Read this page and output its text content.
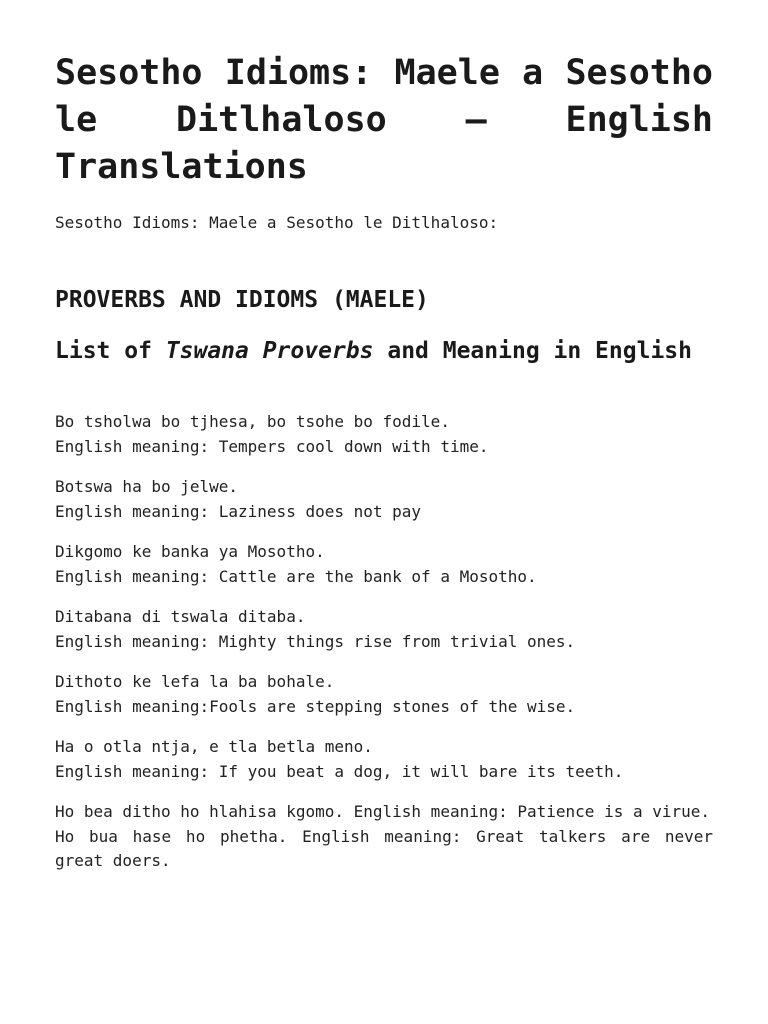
Sesotho Idioms: Maele a Sesotho le Ditlhaloso – English Translations

Sesotho Idioms: Maele a Sesotho le Ditlhaloso:

PROVERBS AND IDIOMS (MAELE)
List of Tswana Proverbs and Meaning in English

Bo tsholwa bo tjhesa, bo tsohe bo fodile.
English meaning: Tempers cool down with time.

Botswa ha bo jelwe.
English meaning: Laziness does not pay

Dikgomo ke banka ya Mosotho.
English meaning: Cattle are the bank of a Mosotho.

Ditabana di tswala ditaba.
English meaning: Mighty things rise from trivial ones.

Dithoto ke lefa la ba bohale.
English meaning:Fools are stepping stones of the wise.

Ha o otla ntja, e tla betla meno.
English meaning: If you beat a dog, it will bare its teeth.

Ho bea ditho ho hlahisa kgomo. English meaning: Patience is a virue.

Ho bua hase ho phetha. English meaning: Great talkers are never great doers.
